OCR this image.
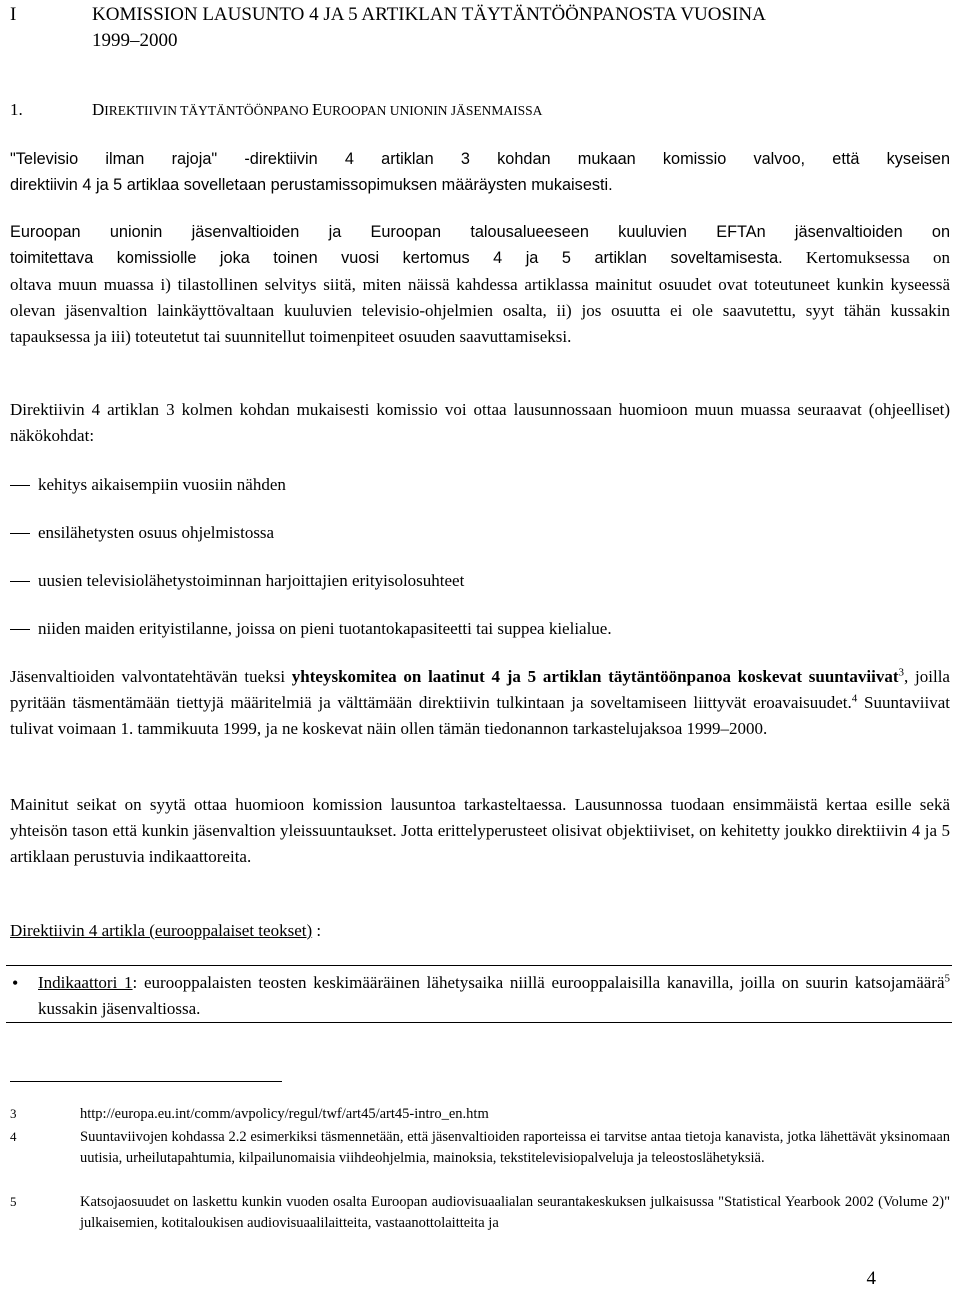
I	KOMISSION LAUSUNTO 4 JA 5 ARTIKLAN TÄYTÄNTÖÖNPANOSTA VUOSINA
1999–2000
1.	DIREKTIIVIN TÄYTÄNTÖÖNPANO EUROOPAN UNIONIN JÄSENMAISSA
"Televisio ilman rajoja" -direktiivin 4 artiklan 3 kohdan mukaan komissio valvoo, että kyseisen
direktiivin 4 ja 5 artiklaa sovelletaan perustamissopimuksen määräysten mukaisesti.
Euroopan unionin jäsenvaltioiden ja Euroopan talousalueeseen kuuluvien EFTAn jäsenvaltioiden on
toimitettava komissiolle joka toinen vuosi kertomus 4 ja 5 artiklan soveltamisesta. Kertomuksessa on
oltava muun muassa i) tilastollinen selvitys siitä, miten näissä kahdessa artiklassa mainitut osuudet ovat toteutuneet kunkin kyseessä olevan jäsenvaltion lainkäyttövaltaan kuuluvien televisio-ohjelmien osalta, ii) jos osuutta ei ole saavutettu, syyt tähän kussakin tapauksessa ja iii) toteutetut tai suunnitellut toimenpiteet osuuden saavuttamiseksi.
Direktiivin 4 artiklan 3 kolmen kohdan mukaisesti komissio voi ottaa lausunnossaan huomioon muun muassa seuraavat (ohjeelliset) näkökohdat:
kehitys aikaisempiin vuosiin nähden
ensilähetysten osuus ohjelmistossa
uusien televisiolähetystoiminnan harjoittajien erityisolosuhteet
niiden maiden erityistilanne, joissa on pieni tuotantokapasiteetti tai suppea kielialue.
Jäsenvaltioiden valvontatehtävän tueksi yhteyskomitea on laatinut 4 ja 5 artiklan täytäntöönpanoa koskevat suuntaviivat$^3$, joilla pyritään täsmentämään tiettyjä määritelmiä ja välttämään direktiivin tulkintaan ja soveltamiseen liittyvät eroavaisuudet.$^4$ Suuntaviivat tulivat voimaan 1. tammikuuta 1999, ja ne koskevat näin ollen tämän tiedonannon tarkastelujaksoa 1999–2000.
Mainitut seikat on syytä ottaa huomioon komission lausuntoa tarkasteltaessa. Lausunnossa tuodaan ensimmäistä kertaa esille sekä yhteisön tason että kunkin jäsenvaltion yleissuuntaukset. Jotta erittelyperusteet olisivat objektiiviset, on kehitetty joukko direktiivin 4 ja 5 artiklaan perustuvia indikaattoreita.
Direktiivin 4 artikla (eurooppalaiset teokset) :
• Indikaattori 1: eurooppalaisten teosten keskimääräinen lähetysaika niillä eurooppalaisilla kanavilla, joilla on suurin katsojamäärä$^5$ kussakin jäsenvaltiossa.
3	http://europa.eu.int/comm/avpolicy/regul/twf/art45/art45-intro_en.htm
4	Suuntaviivojen kohdassa 2.2 esimerkiksi täsmennetään, että jäsenvaltioiden raporteissa ei tarvitse antaa tietoja kanavista, jotka lähettävät yksinomaan uutisia, urheilutapahtumia, kilpailunomaisia viihdeohjelmia, mainoksia, tekstitelevisiopalveluja ja teleostoslähetyksiä.
5	Katsojaosuudet on laskettu kunkin vuoden osalta Euroopan audiovisuaalialan seurantakeskuksen julkaisussa "Statistical Yearbook 2002 (Volume 2)" julkaisemien, kotitaloukisen audiovisuaalilaitteita, vastaanottolaitteita ja
4
